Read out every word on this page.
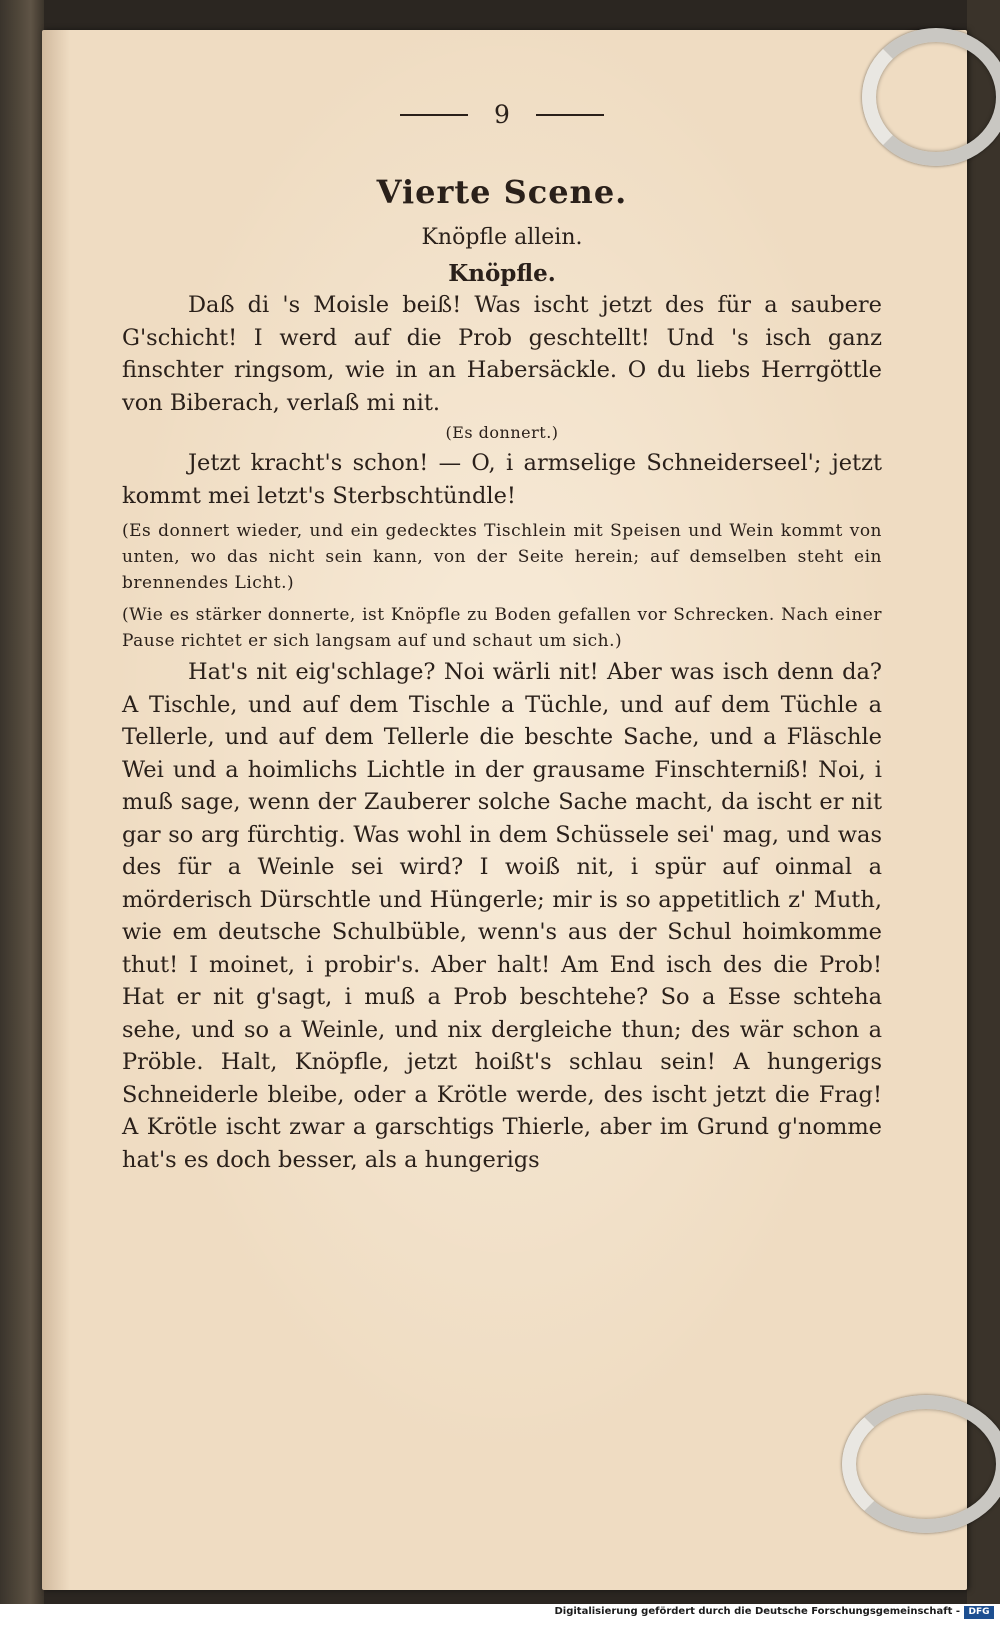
9
Vierte Scene.
Knöpfle allein.
Knöpfle.

Daß di 's Moisle beiß! Was ischt jetzt des für a saubere G'schicht! I werd auf die Prob geschtellt! Und 's isch ganz finschter ringsom, wie in an Habersäckle. O du liebs Herrgöttle von Biberach, verlaß mi nit.

(Es donnert.)

Jetzt kracht's schon! — O, i armselige Schneiderseel'; jetzt kommt mei letzt's Sterbschtündle!

(Es donnert wieder, und ein gedecktes Tischlein mit Speisen und Wein kommt von unten, wo das nicht sein kann, von der Seite herein; auf demselben steht ein brennendes Licht.)

(Wie es stärker donnerte, ist Knöpfle zu Boden gefallen vor Schrecken. Nach einer Pause richtet er sich langsam auf und schaut um sich.)

Hat's nit eig'schlage? Noi wärli nit! Aber was isch denn da? A Tischle, und auf dem Tischle a Tüchle, und auf dem Tüchle a Tellerle, und auf dem Tellerle die beschte Sache, und a Fläschle Wei und a hoimlichs Lichtle in der grausame Finschterniß! Noi, i muß sage, wenn der Zauberer solche Sache macht, da ischt er nit gar so arg fürchtig. Was wohl in dem Schüssele sei' mag, und was des für a Weinle sei wird? I woiß nit, i spür auf oinmal a mörderisch Dürschtle und Hüngerle; mir is so appetitlich z' Muth, wie em deutsche Schulbüble, wenn's aus der Schul hoimkomme thut! I moinet, i probir's. Aber halt! Am End isch des die Prob! Hat er nit g'sagt, i muß a Prob beschtehe? So a Esse schteha sehe, und so a Weinle, und nix dergleiche thun; des wär schon a Pröble. Halt, Knöpfle, jetzt hoißt's schlau sein! A hungerigs Schneiderle bleibe, oder a Krötle werde, des ischt jetzt die Frag! A Krötle ischt zwar a garschtigs Thierle, aber im Grund g'nomme hat's es doch besser, als a hungerigs

Digitalisierung gefördert durch die Deutsche Forschungsgemeinschaft - DFG
